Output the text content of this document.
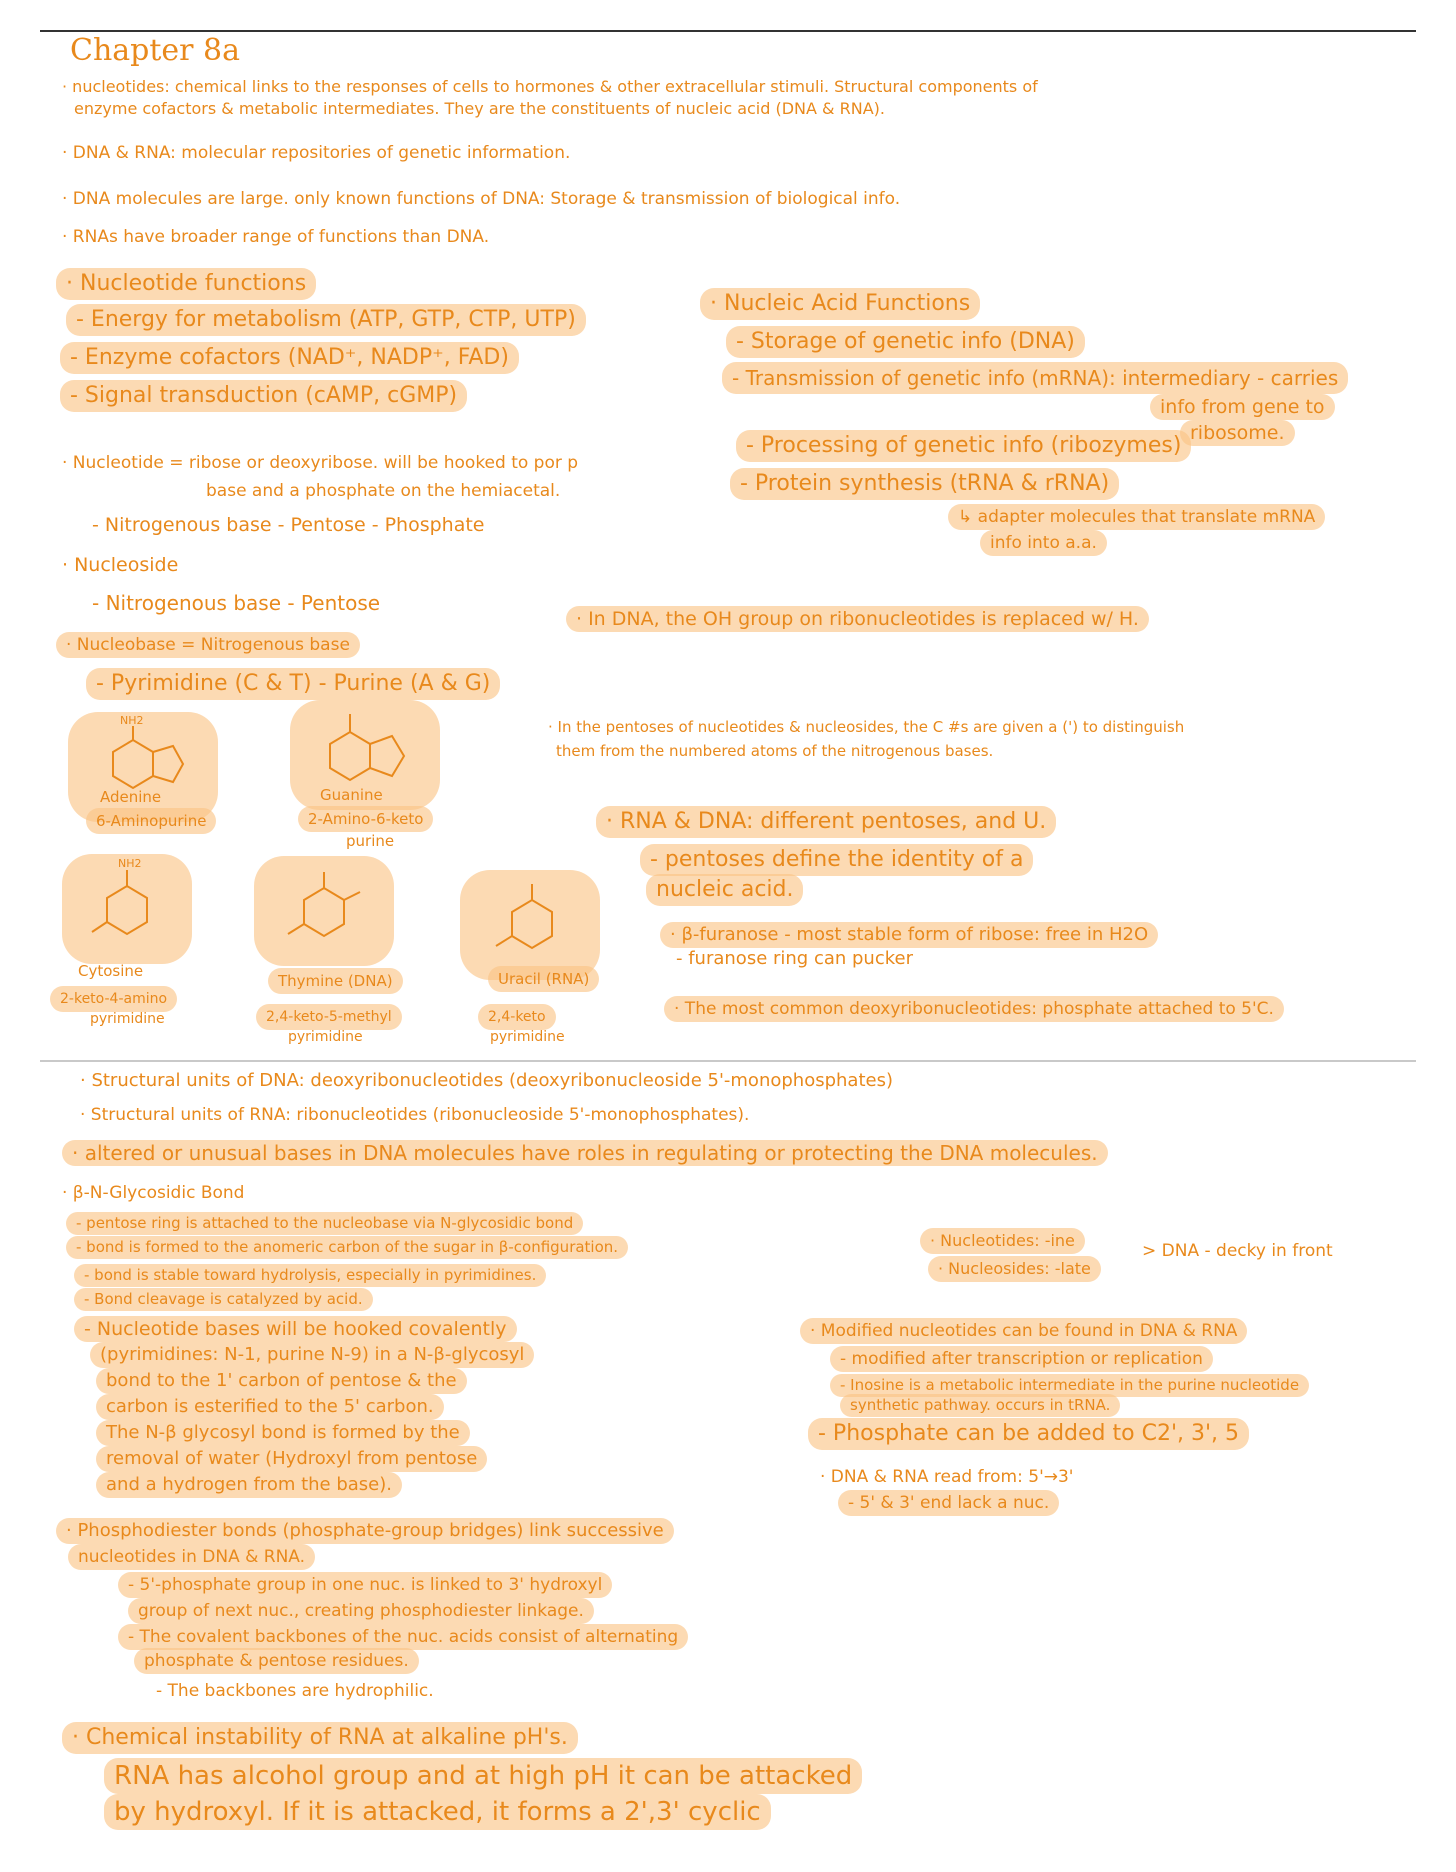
Chapter 8a
· nucleotides: chemical links to the responses of cells to hormones & other extracellular stimuli. Structural components of
enzyme cofactors & metabolic intermediates. They are the constituents of nucleic acid (DNA & RNA).
· DNA & RNA: molecular repositories of genetic information.
· DNA molecules are large. only known functions of DNA: Storage & transmission of biological info.
· RNAs have broader range of functions than DNA.
· Nucleotide functions
- Energy for metabolism (ATP, GTP, CTP, UTP)
- Enzyme cofactors (NAD⁺, NADP⁺, FAD)
- Signal transduction (cAMP, cGMP)
· Nucleic Acid Functions
- Storage of genetic info (DNA)
- Transmission of genetic info (mRNA): intermediary - carries
info from gene to
ribosome.
- Processing of genetic info (ribozymes)
- Protein synthesis (tRNA & rRNA)
↳ adapter molecules that translate mRNA
info into a.a.
· Nucleotide = ribose or deoxyribose. will be hooked to por p
base and a phosphate on the hemiacetal.
- Nitrogenous base - Pentose - Phosphate
· Nucleoside
- Nitrogenous base - Pentose
· In DNA, the OH group on ribonucleotides is replaced w/ H.
· Nucleobase = Nitrogenous base
- Pyrimidine (C & T) - Purine (A & G)
· In the pentoses of nucleotides & nucleosides, the C #s are given a (') to distinguish
them from the numbered atoms of the nitrogenous bases.
NH2
Adenine
6-Aminopurine
Guanine
2-Amino-6-keto
purine
NH2
Cytosine
2-keto-4-amino
pyrimidine
Thymine (DNA)
2,4-keto-5-methyl
pyrimidine
Uracil (RNA)
2,4-keto
pyrimidine
· RNA & DNA: different pentoses, and U.
- pentoses define the identity of a
nucleic acid.
· β-furanose - most stable form of ribose: free in H2O
- furanose ring can pucker
· The most common deoxyribonucleotides: phosphate attached to 5'C.
· Structural units of DNA: deoxyribonucleotides (deoxyribonucleoside 5'-monophosphates)
· Structural units of RNA: ribonucleotides (ribonucleoside 5'-monophosphates).
· altered or unusual bases in DNA molecules have roles in regulating or protecting the DNA molecules.
· β-N-Glycosidic Bond
- pentose ring is attached to the nucleobase via N-glycosidic bond
- bond is formed to the anomeric carbon of the sugar in β-configuration.
- bond is stable toward hydrolysis, especially in pyrimidines.
- Bond cleavage is catalyzed by acid.
- Nucleotide bases will be hooked covalently
(pyrimidines: N-1, purine N-9) in a N-β-glycosyl
bond to the 1' carbon of pentose & the
carbon is esterified to the 5' carbon.
The N-β glycosyl bond is formed by the
removal of water (Hydroxyl from pentose
and a hydrogen from the base).
· Nucleotides: -ine
· Nucleosides: -late
> DNA - decky in front
· Modified nucleotides can be found in DNA & RNA
- modified after transcription or replication
- Inosine is a metabolic intermediate in the purine nucleotide
synthetic pathway. occurs in tRNA.
- Phosphate can be added to C2', 3', 5
· DNA & RNA read from: 5'→3'
- 5' & 3' end lack a nuc.
· Phosphodiester bonds (phosphate-group bridges) link successive
nucleotides in DNA & RNA.
- 5'-phosphate group in one nuc. is linked to 3' hydroxyl
group of next nuc., creating phosphodiester linkage.
- The covalent backbones of the nuc. acids consist of alternating
phosphate & pentose residues.
- The backbones are hydrophilic.
· Chemical instability of RNA at alkaline pH's.
RNA has alcohol group and at high pH it can be attacked
by hydroxyl. If it is attacked, it forms a 2',3' cyclic
